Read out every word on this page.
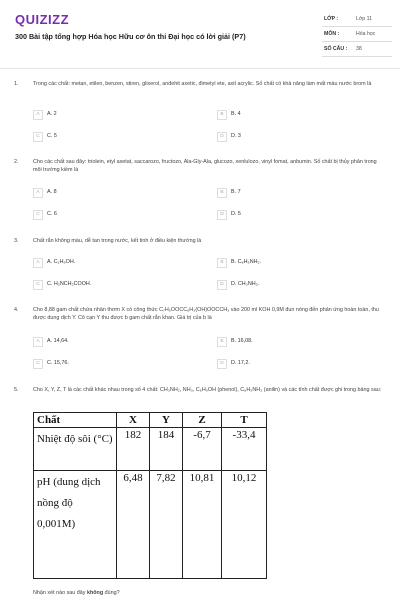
QUIZIZZ
300 Bài tập tổng hợp Hóa học Hữu cơ ôn thi Đại học có lời giải (P7)
LỚP :	Lớp 11
MÔN :	Hóa học
SỐ CÂU :	38
1.	Trong các chất: metan, etilen, benzen, stiren, glixerol, anđehit axetic, đimetyl ete, axit acrylic. Số chất có khả năng làm mất màu nước brom là
A	A. 2	B	B. 4
C	C. 5	D	D. 3
2.	Cho các chất sau đây: triolein, etyl axetat, saccarozo, fructozo, Ala-Gly-Ala, glucozo, xenlulozo, vinyl fomat, anbumin. Số chất bị thủy phân trong môi trường kiềm là
A	A. 8	B	B. 7
C	C. 6	D	D. 5
3.	Chất rắn không màu, dễ tan trong nước, kết tinh ở điều kiện thường là
A	A. C₂H₅OH.	B	B. C₆H₅NH₂.
C	C. H₂NCH₂COOH.	D	D. CH₃NH₂.
4.	Cho 8,88 gam chất chứa nhân thơm X có công thức C₇H₅OOCC₆H₃(OH)OOCCH₃ vào 200 ml KOH 0,9M đun nóng đến phản ứng hoàn toàn, thu được dung dịch Y. Cô cạn Y thu được b gam chất rắn khan. Giá trị của b là
A	A. 14,64.	B	B. 16,08.
C	C. 15,76.	D	D. 17,2.
5.	Cho X, Y, Z, T là các chất khác nhau trong số 4 chất: CH₃NH₂, NH₃, C₆H₅OH (phenol), C₆H₅NH₂ (anilin) và các tính chất được ghi trong bảng sau:
Chất	X	Y	Z	T
Nhiệt độ sôi (°C)	182	184	-6,7	-33,4
pH (dung dịch nồng độ 0,001M)	6,48	7,82	10,81	10,12
Nhận xét nào sau đây không đúng?
